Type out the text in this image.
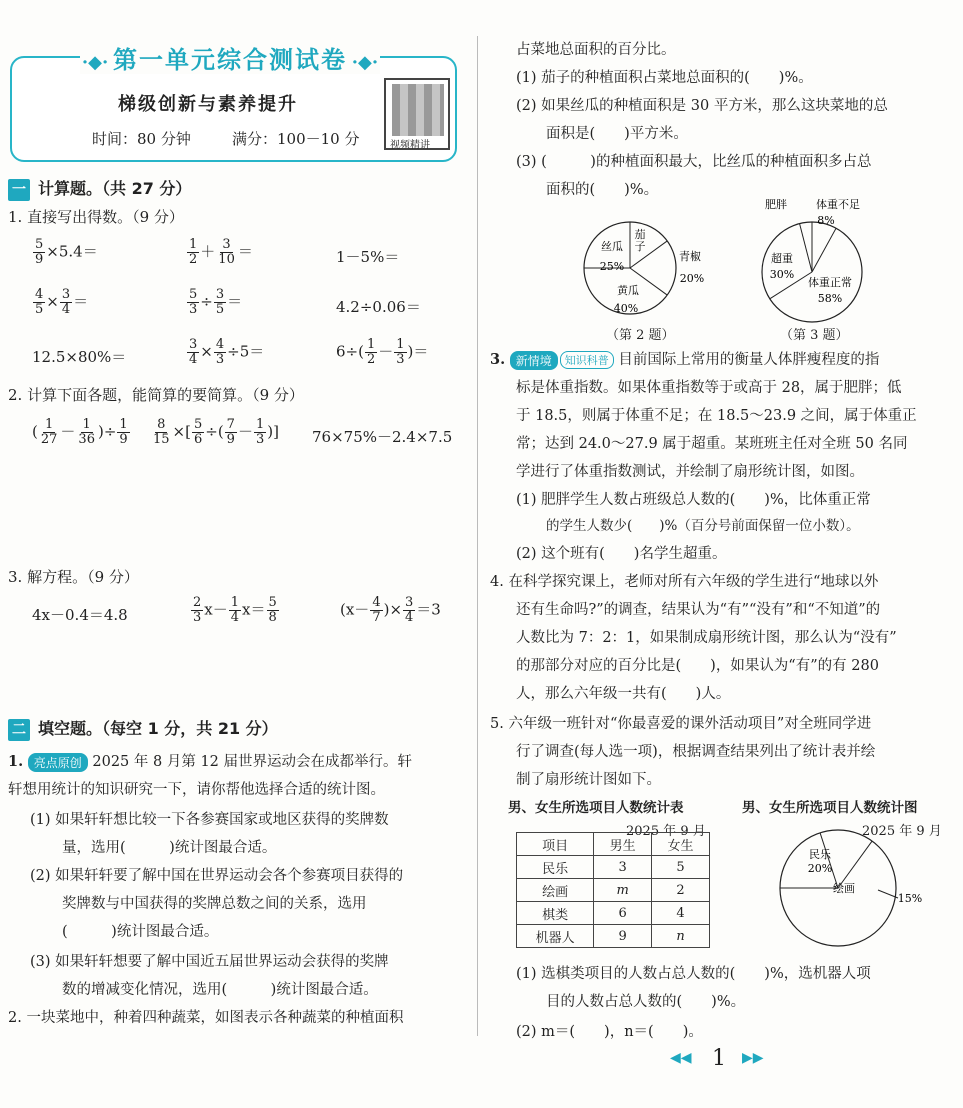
·◆· 第一单元综合测试卷 ·◆·
梯级创新与素养提升
时间：80 分钟	满分：100－10 分	视频精讲
一 计算题。（共 27 分）
1. 直接写出得数。（9 分）
$\frac{5}{9} \times 5.4=$	$\frac{1}{2} + \frac{3}{10}$ ＝	1－5%＝
$\frac{4}{5} \times \frac{3}{4}$ ＝	$\frac{5}{3} \div \frac{3}{5}$ ＝	4.2÷0.06＝
12.5×80%＝	$\frac{3}{4} \times \frac{4}{3} \div 5=$	$6\div( \frac{1}{2} - \frac{1}{3}$ )＝
2. 计算下面各题，能简算的要简算。（9 分）
( $\frac{1}{27} - \frac{1}{36}$ )÷ $\frac{1}{9} \frac{8}{15}$ ×[ $\frac{5}{6}$ ÷( $\frac{7}{9} - \frac{1}{3}$ )] 76×75%－2.4×7.5
3. 解方程。（9 分）
4x－0.4＝4.8	$\frac{2}{3} x- \frac{1}{4} x= \frac{5}{8}$	($x- \frac{4}{7}$ )× $\frac{3}{4} =3$
二 填空题。（每空 1 分，共 21 分）
1. 亮点原创 2025 年 8 月第 12 届世界运动会在成都举行。轩
轩想用统计的知识研究一下，请你帮他选择合适的统计图。
(1) 如果轩轩想比较一下各参赛国家或地区获得的奖牌数
量，选用(　　　)统计图最合适。
(2) 如果轩轩要了解中国在世界运动会各个参赛项目获得的
奖牌数与中国获得的奖牌总数之间的关系，选用
(　　　)统计图最合适。
(3) 如果轩轩想要了解中国近五届世界运动会获得的奖牌
数的增减变化情况，选用(　　　)统计图最合适。
2. 一块菜地中，种着四种蔬菜，如图表示各种蔬菜的种植面积
占菜地总面积的百分比。
(1) 茄子的种植面积占菜地总面积的(　　)%。
(2) 如果丝瓜的种植面积是 30 平方米，那么这块菜地的总
面积是(　　)平方米。
(3) (　　　)的种植面积最大，比丝瓜的种植面积多占总
面积的(　　)%。
丝瓜
25%
茄
子
青椒
20%
黄瓜
40%
肥胖	体重不足
8%
超重
30%
体重正常
58%
（第 2 题）	（第 3 题）
3. 新情境 知识科普 目前国际上常用的衡量人体胖瘦程度的指
标是体重指数。如果体重指数等于或高于 28，属于肥胖；低
于 18.5，则属于体重不足；在 18.5～23.9 之间，属于体重正
常；达到 24.0～27.9 属于超重。某班班主任对全班 50 名同
学进行了体重指数测试，并绘制了扇形统计图，如图。
(1) 肥胖学生人数占班级总人数的(　　)%，比体重正常
的学生人数少(　　)%（百分号前面保留一位小数）。
(2) 这个班有(　　)名学生超重。
4. 在科学探究课上，老师对所有六年级的学生进行“地球以外
还有生命吗?”的调查，结果认为“有”“没有”和“不知道”的
人数比为 7：2：1，如果制成扇形统计图，那么认为“没有”
的那部分对应的百分比是(　　)，如果认为“有”的有 280
人，那么六年级一共有(　　)人。
5. 六年级一班针对“你最喜爱的课外活动项目”对全班同学进
行了调查(每人选一项)，根据调查结果列出了统计表并绘
制了扇形统计图如下。
男、女生所选项目人数统计表	男、女生所选项目人数统计图
2025 年 9 月	2025 年 9 月
项目	男生	女生
民乐	3	5
绘画	m	2
棋类	6	4
机器人	9	n
民乐
20%
绘画
15%
(1) 选棋类项目的人数占总人数的(　　)%，选机器人项
目的人数占总人数的(　　)%。
(2) m＝(　　)，n＝(　　)。
◀◀ 1 ▶▶
